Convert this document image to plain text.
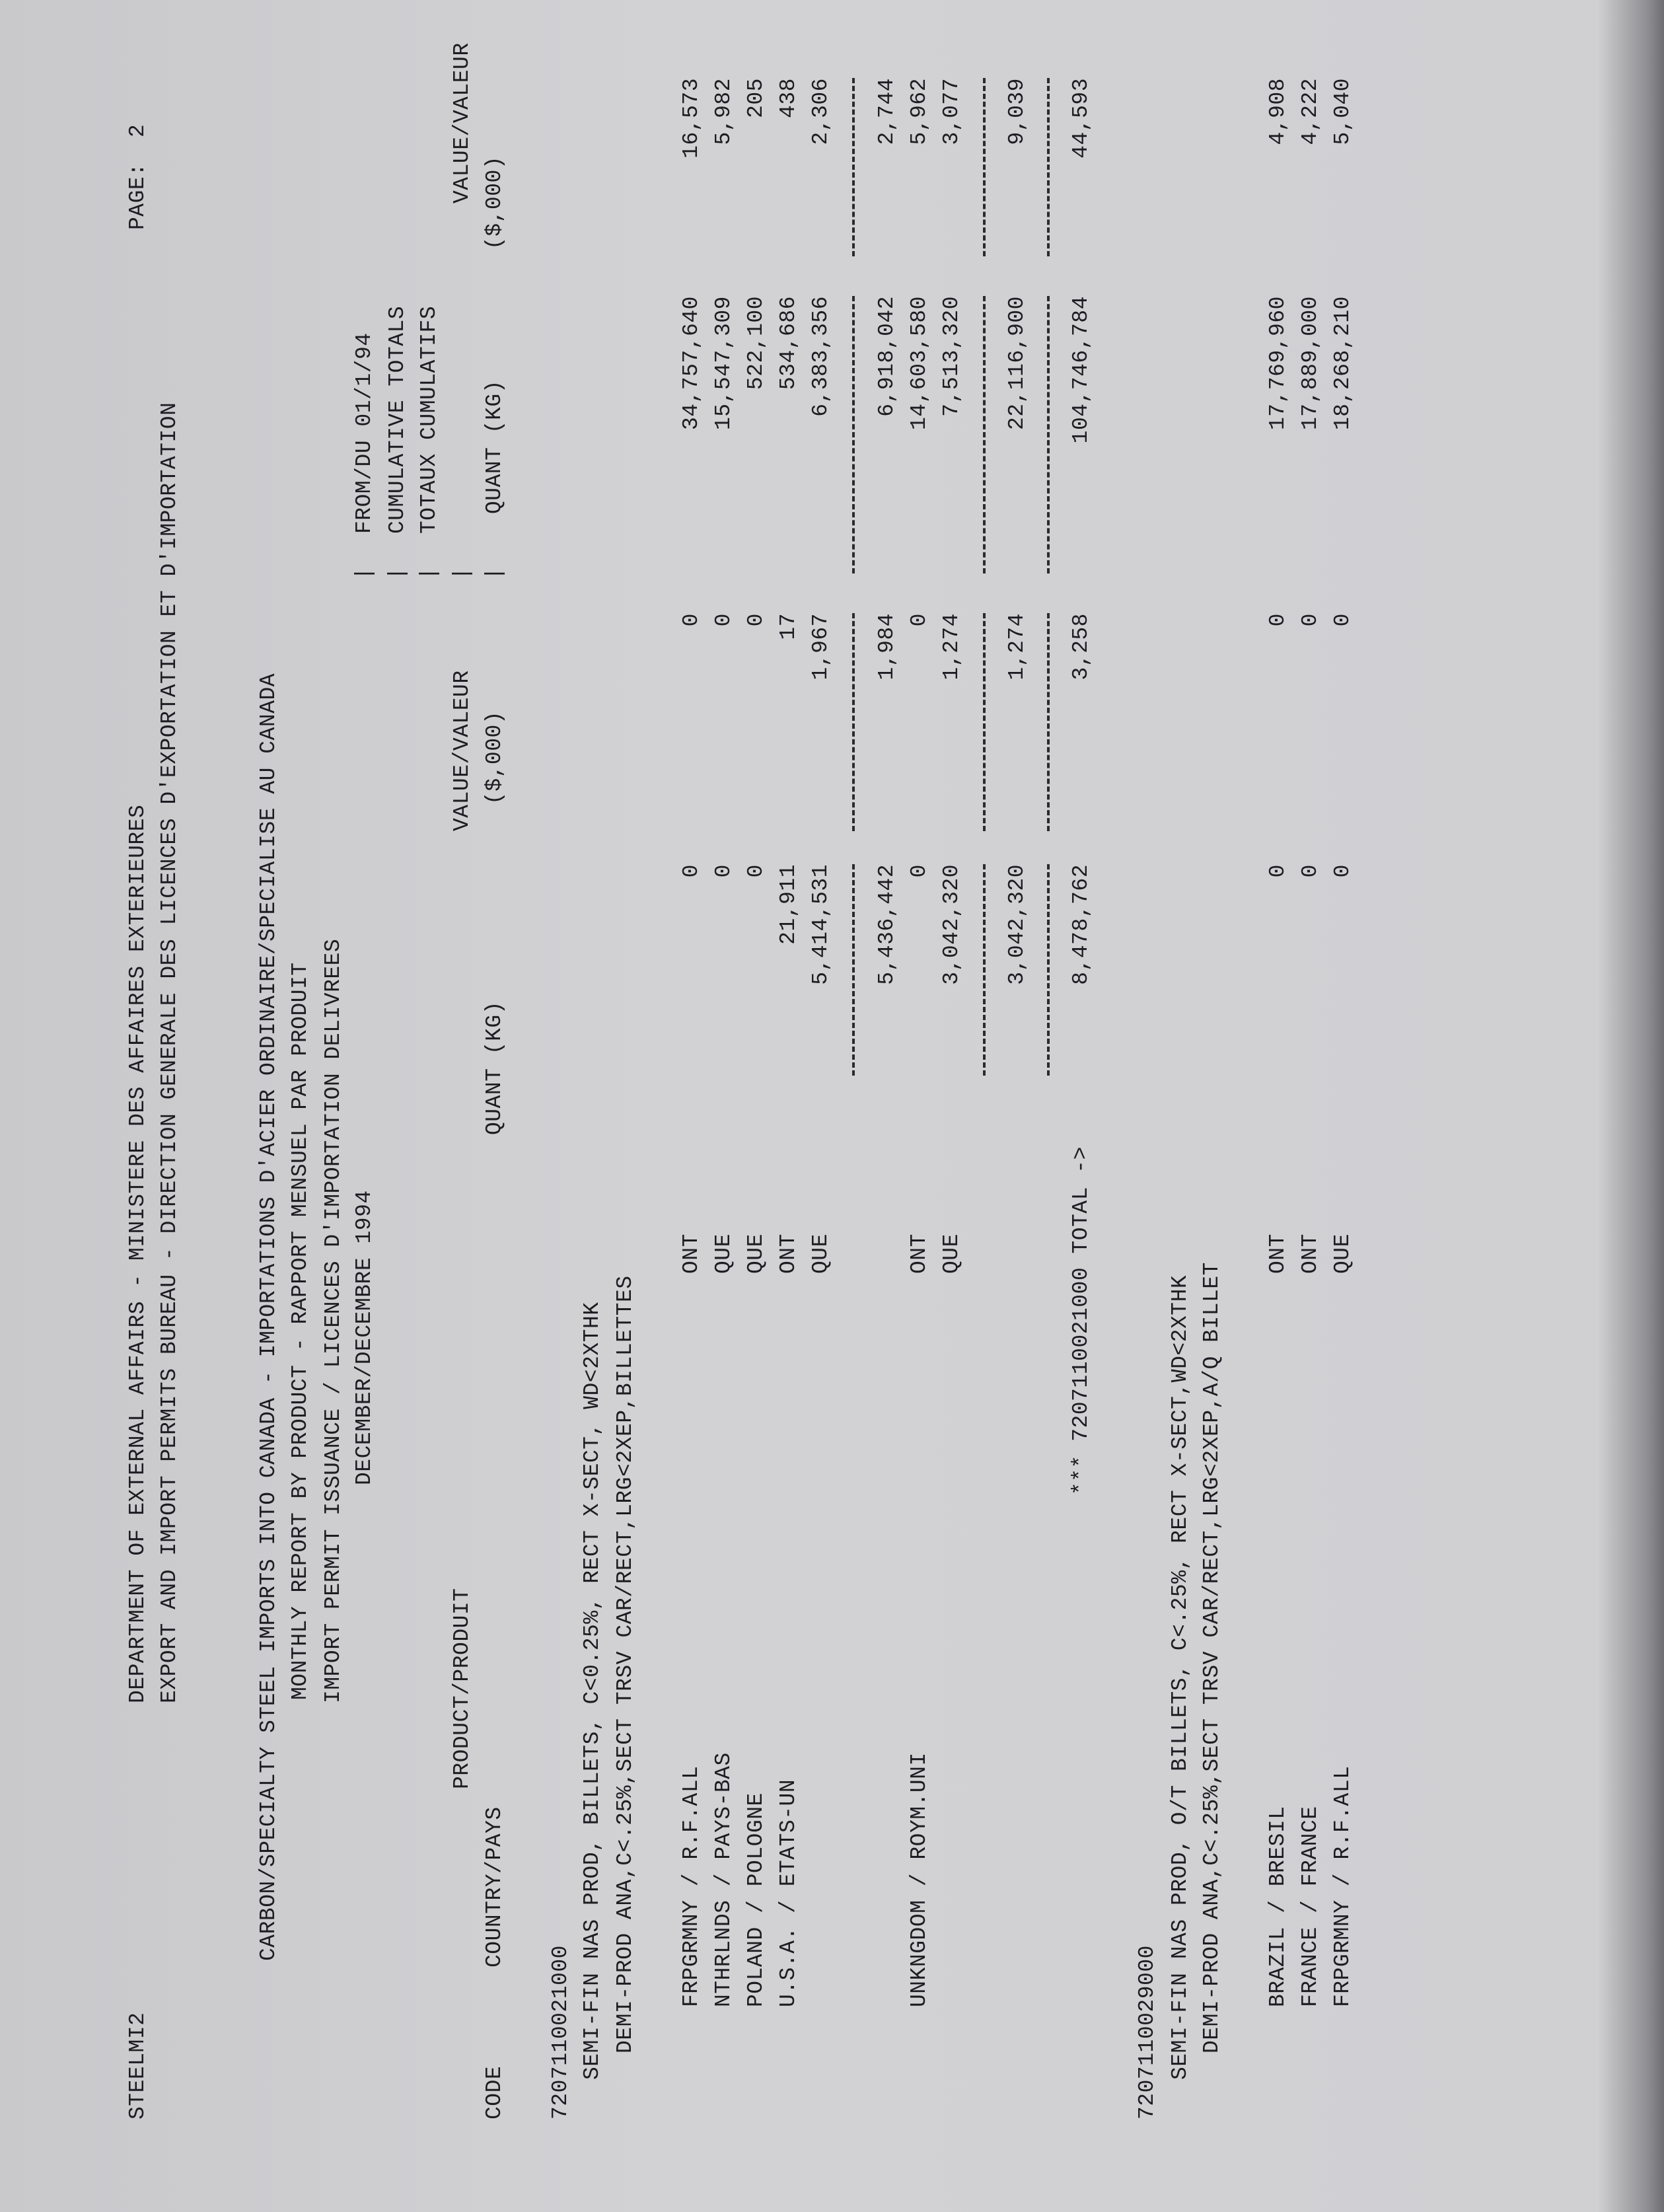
STEELMI2
DEPARTMENT OF EXTERNAL AFFAIRS - MINISTERE DES AFFAIRES EXTERIEURES EXPORT AND IMPORT PERMITS BUREAU - DIRECTION GENERALE DES LICENCES D'EXPORTATION ET D'IMPORTATION
PAGE:
2
CARBON/SPECIALTY STEEL IMPORTS INTO CANADA - IMPORTATIONS D'ACIER ORDINAIRE/SPECIALISE AU CANADA MONTHLY REPORT BY PRODUCT - RAPPORT MENSUEL PAR PRODUIT IMPORT PERMIT ISSUANCE / LICENCES D'IMPORTATION DELIVREES DECEMBER/DECEMBRE 1994
| | | | |
FROM/DU 01/1/94 CUMULATIVE TOTALS TOTAUX CUMULATIFS
PRODUCT/PRODUIT
VALUE/VALEUR
VALUE/VALEUR
CODE
COUNTRY/PAYS
QUANT (KG)
($,000)
QUANT (KG)
($,000)
7207110021000 SEMI-FIN NAS PROD, BILLETS, C<0.25%, RECT X-SECT, WD<2XTHK DEMI-PROD ANA,C<.25%,SECT TRSV CAR/RECT,LRG<2XEP,BILLETTES FRPGRMNY / R.F.ALL
ONT
0
0
34,757,640
16,573
NTHRLNDS / PAYS-BAS
QUE
0
0
15,547,309
5,982
POLAND / POLOGNE
QUE
0
0
522,100
205
U.S.A. / ETATS-UN
ONT
21,911
17
534,686
438
QUE
5,414,531
1,967
6,383,356
2,306
5,436,442
1,984
6,918,042
2,744
UNKNGDOM / ROYM.UNI
ONT
0
0
14,603,580
5,962
QUE
3,042,320
1,274
7,513,320
3,077
3,042,320
1,274
22,116,900
9,039
*** 7207110021000 TOTAL ->
8,478,762
3,258
104,746,784
44,593
7207110029000 SEMI-FIN NAS PROD, O/T BILLETS, C<.25%, RECT X-SECT,WD<2XTHK DEMI-PROD ANA,C<.25%,SECT TRSV CAR/RECT,LRG<2XEP,A/Q BILLET BRAZIL / BRESIL
ONT
0
0
17,769,960
4,908
FRANCE / FRANCE
ONT
0
0
17,889,000
4,222
FRPGRMNY / R.F.ALL
QUE
0
0
18,268,210
5,040
